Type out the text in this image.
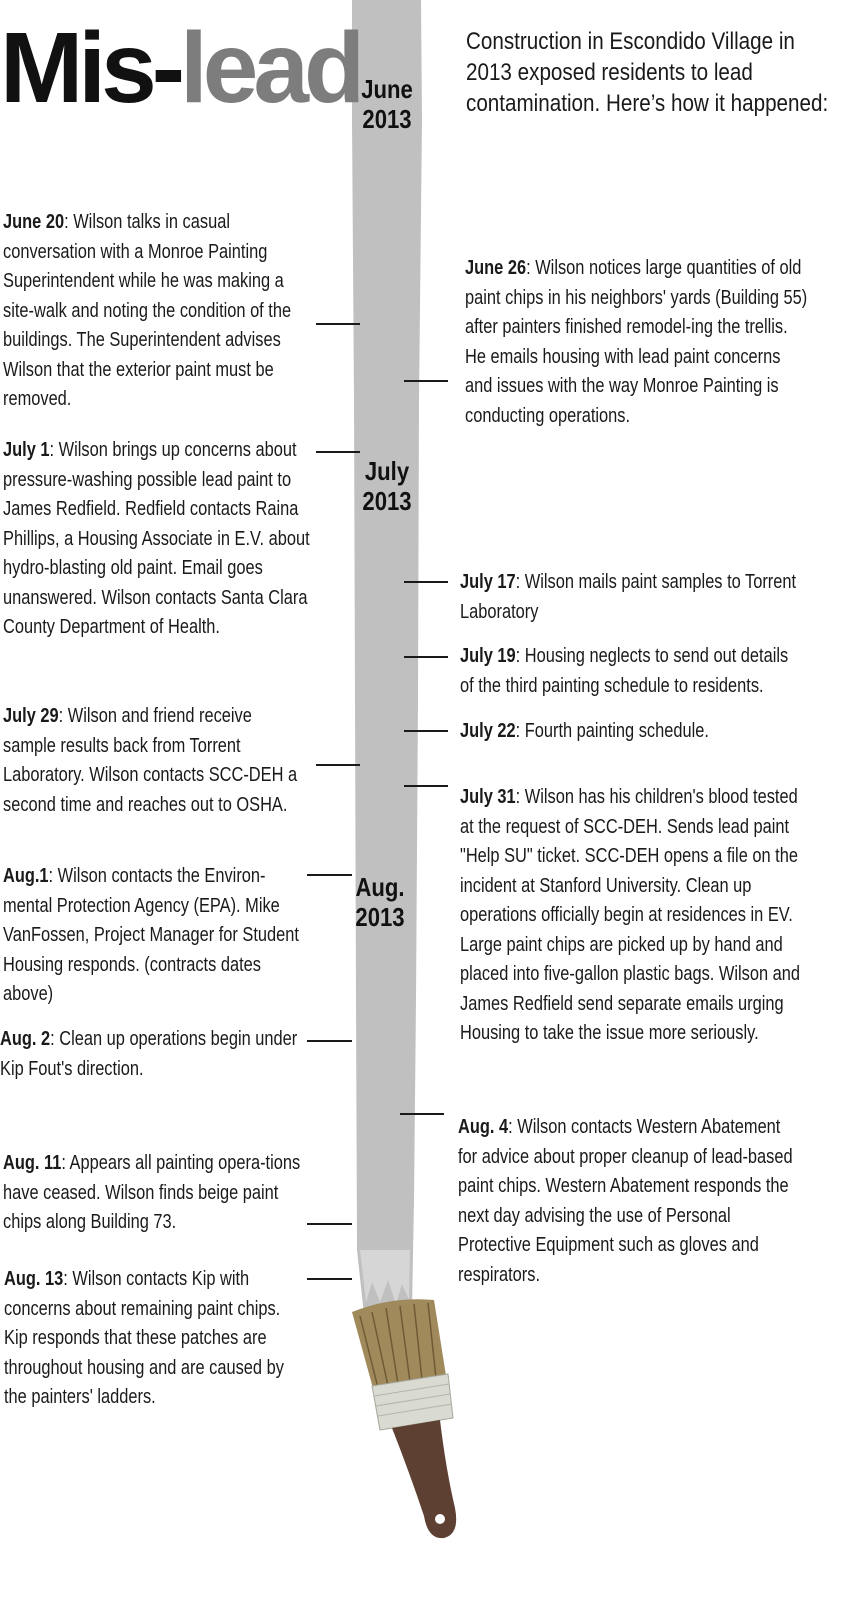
Mis-lead	Construction in Escondido Village in 2013 exposed residents to lead contamination. Here’s how it happened:
June
2013
July
2013
Aug.
2013
June 20: Wilson talks in casual conversation with a Monroe Painting Superintendent while he was making a site-walk and noting the condition of the buildings. The Superintendent advises Wilson that the exterior paint must be removed.
July 1: Wilson brings up concerns about pressure-washing possible lead paint to James Redfield. Redfield contacts Raina Phillips, a Housing Associate in E.V. about hydro-blasting old paint. Email goes unanswered. Wilson contacts Santa Clara County Department of Health.
July 29: Wilson and friend receive sample results back from Torrent Laboratory. Wilson contacts SCC-DEH a second time and reaches out to OSHA.
Aug.1: Wilson contacts the Environ-mental Protection Agency (EPA). Mike VanFossen, Project Manager for Student Housing responds. (contracts dates above)
Aug. 2: Clean up operations begin under Kip Fout's direction.
Aug. 11: Appears all painting opera-tions have ceased. Wilson finds beige paint chips along Building 73.
Aug. 13: Wilson contacts Kip with concerns about remaining paint chips. Kip responds that these patches are throughout housing and are caused by the painters' ladders.
June 26: Wilson notices large quantities of old paint chips in his neighbors' yards (Building 55) after painters finished remodel-ing the trellis. He emails housing with lead paint concerns and issues with the way Monroe Painting is conducting operations.
July 17: Wilson mails paint samples to Torrent Laboratory
July 19: Housing neglects to send out details of the third painting schedule to residents.
July 22: Fourth painting schedule.
July 31: Wilson has his children's blood tested at the request of SCC-DEH. Sends lead paint "Help SU" ticket. SCC-DEH opens a file on the incident at Stanford University. Clean up operations officially begin at residences in EV. Large paint chips are picked up by hand and placed into five-gallon plastic bags. Wilson and James Redfield send separate emails urging Housing to take the issue more seriously.
Aug. 4: Wilson contacts Western Abatement for advice about proper cleanup of lead-based paint chips. Western Abatement responds the next day advising the use of Personal Protective Equipment such as gloves and respirators.
